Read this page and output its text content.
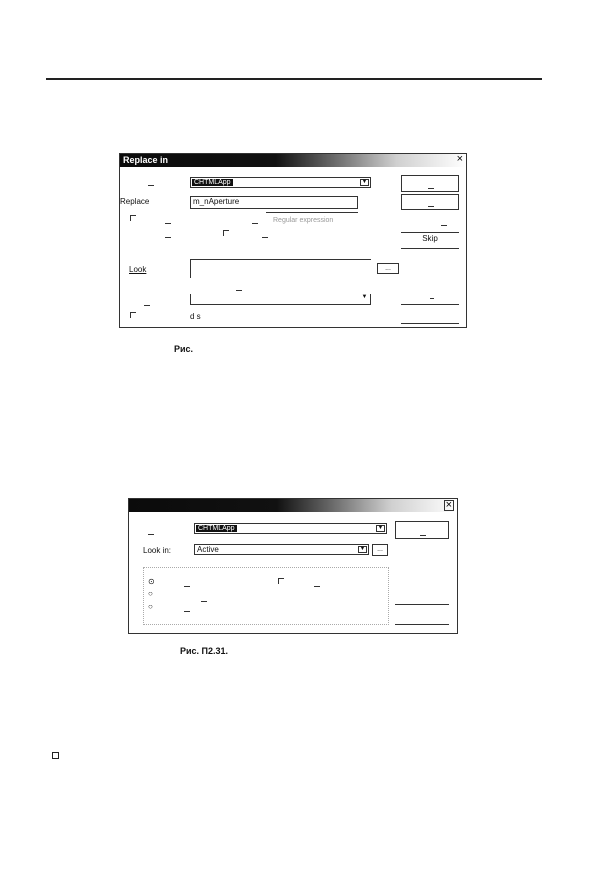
Replace in	×
CHTMLApp	▼
Replace	m_nAperture
Regular expression
Skip
Look	...
▼
d s
Рис.
×
CHTMLApp	▼
Look in:	Active	▼	...
⊙
○
○
Рис. П2.31.
